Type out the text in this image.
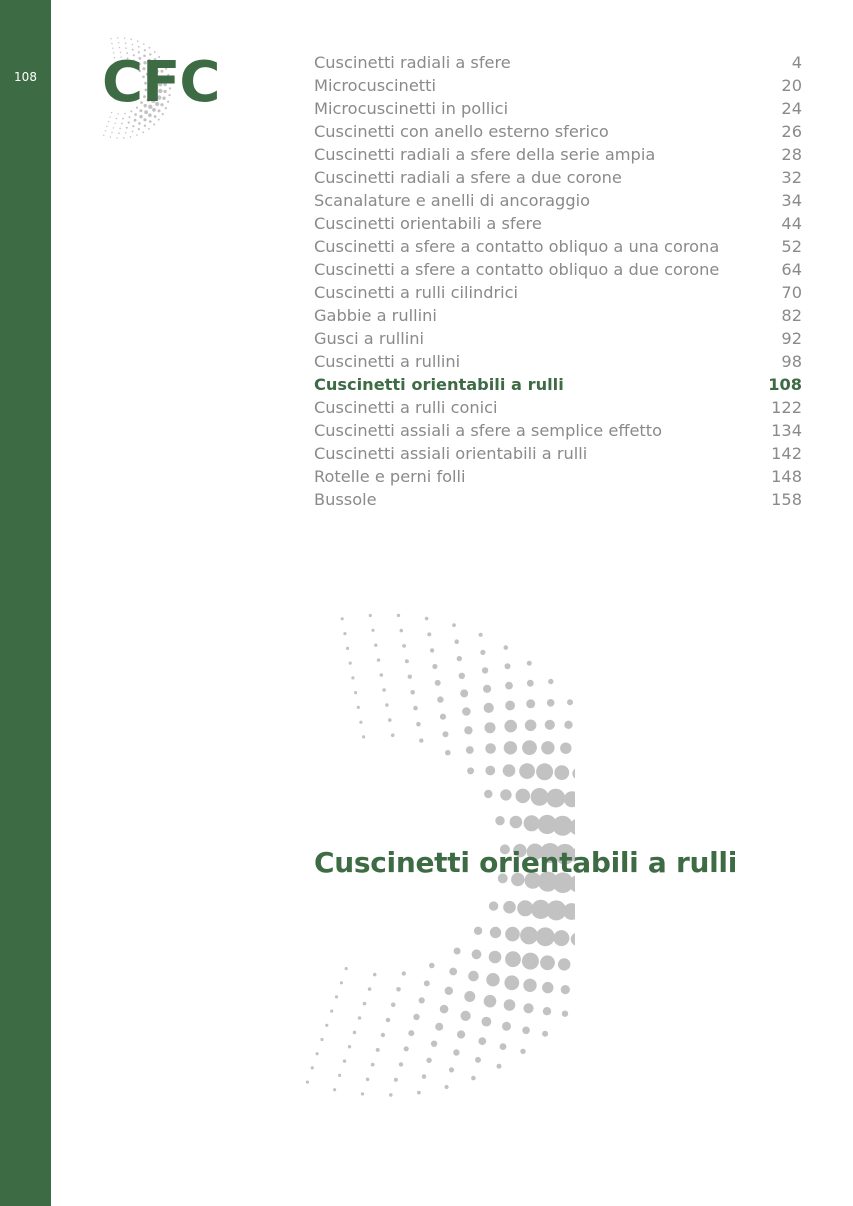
108 CFC	Cuscinetti radiali a sfere	4
Microcuscinetti	20
Microcuscinetti in pollici	24
Cuscinetti con anello esterno sferico	26
Cuscinetti radiali a sfere della serie ampia	28
Cuscinetti radiali a sfere a due corone	32
Scanalature e anelli di ancoraggio	34
Cuscinetti orientabili a sfere	44
Cuscinetti a sfere a contatto obliquo a una corona	52
Cuscinetti a sfere a contatto obliquo a due corone	64
Cuscinetti a rulli cilindrici	70
Gabbie a rullini	82
Gusci a rullini	92
Cuscinetti a rullini	98
Cuscinetti orientabili a rulli	108
Cuscinetti a rulli conici	122
Cuscinetti assiali a sfere a semplice effetto	134
Cuscinetti assiali orientabili a rulli	142
Rotelle e perni folli	148
Bussole	158
Cuscinetti orientabili a rulli
